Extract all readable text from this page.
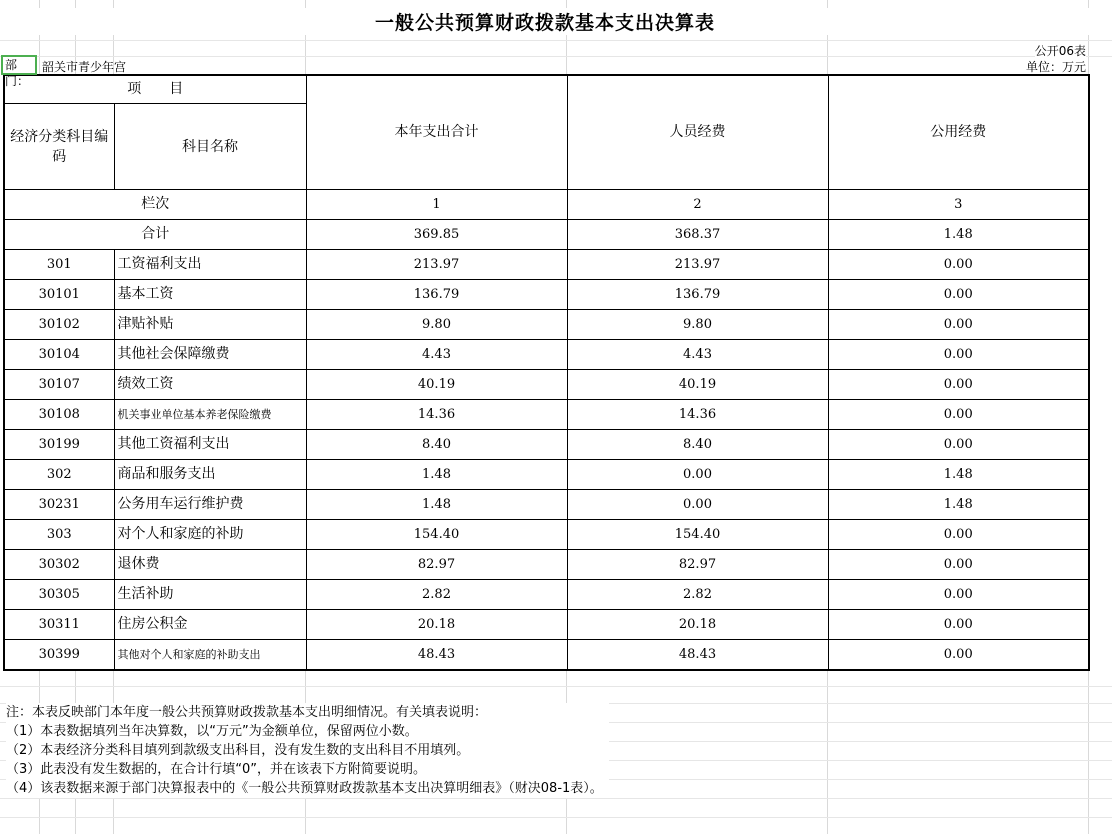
一般公共预算财政拨款基本支出决算表
公开06表
单位：万元
部门：
韶关市青少年宫
项　　目		本年支出合计	人员经费	公用经费
经济分类科目编码	科目名称			
栏次		1	2	3
合计		369.85	368.37	1.48
301	工资福利支出	213.97	213.97	0.00
30101	基本工资	136.79	136.79	0.00
30102	津贴补贴	9.80	9.80	0.00
30104	其他社会保障缴费	4.43	4.43	0.00
30107	绩效工资	40.19	40.19	0.00
30108	机关事业单位基本养老保险缴费	14.36	14.36	0.00
30199	其他工资福利支出	8.40	8.40	0.00
302	商品和服务支出	1.48	0.00	1.48
30231	公务用车运行维护费	1.48	0.00	1.48
303	对个人和家庭的补助	154.40	154.40	0.00
30302	退休费	82.97	82.97	0.00
30305	生活补助	2.82	2.82	0.00
30311	住房公积金	20.18	20.18	0.00
30399	其他对个人和家庭的补助支出	48.43	48.43	0.00
注：本表反映部门本年度一般公共预算财政拨款基本支出明细情况。有关填表说明：
（1）本表数据填列当年决算数，以“万元”为金额单位，保留两位小数。
（2）本表经济分类科目填列到款级支出科目，没有发生数的支出科目不用填列。
（3）此表没有发生数据的，在合计行填“0”，并在该表下方附简要说明。
（4）该表数据来源于部门决算报表中的《一般公共预算财政拨款基本支出决算明细表》（财决08-1表）。
